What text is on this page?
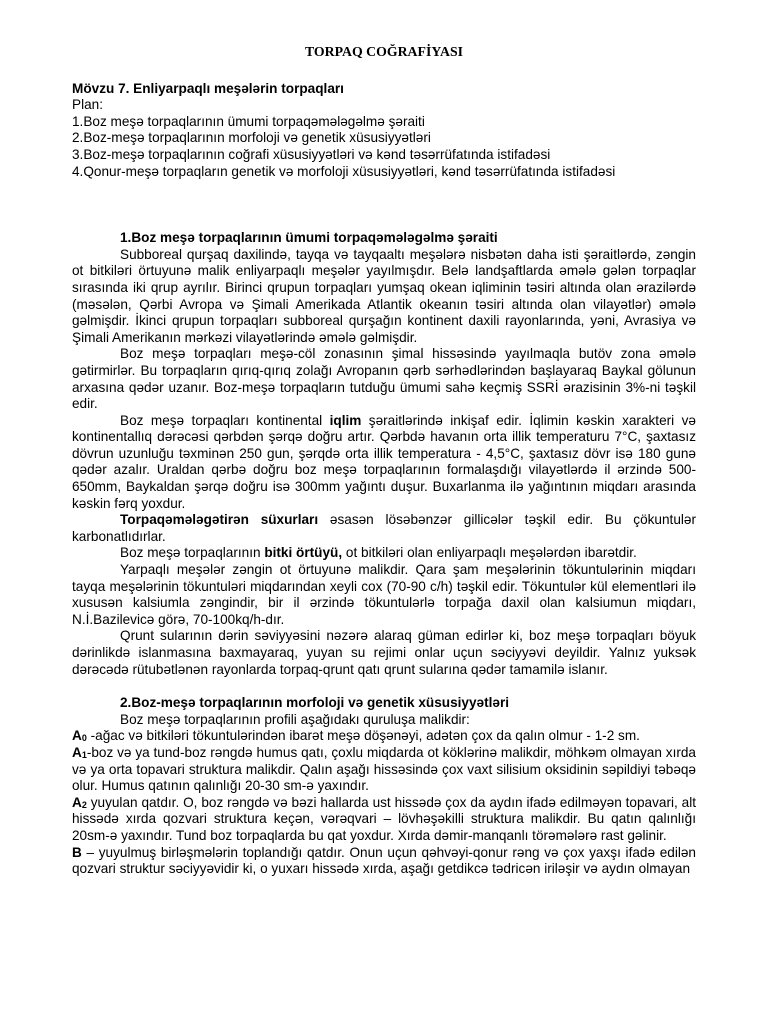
TORPAQ COĞRAFİYASI

Mövzu 7. Enliyarpaqlı meşələrin torpaqları

Plan:

1.Boz meşə torpaqlarının ümumi torpaqəmələgəlmə şəraiti

2.Boz-meşə torpaqlarının morfoloji və genetik xüsusiyyətləri

3.Boz-meşə torpaqlarının coğrafi xüsusiyyətləri və kənd təsərrüfatında istifadəsi

4.Qonur-meşə torpaqların genetik və morfoloji xüsusiyyətləri, kənd təsərrüfatında istifadəsi

1.Boz meşə torpaqlarının ümumi torpaqəmələgəlmə şəraiti

Subboreal qurşaq daxilində, tayqa və tayqaaltı meşələrə nisbətən daha isti şəraitlərdə, zəngin ot bitkiləri örtuyunə malik enliyarpaqlı meşələr yayılmışdır. Belə landşaftlarda əmələ gələn torpaqlar sırasında iki qrup ayrılır. Birinci qrupun torpaqları yumşaq okean iqliminin təsiri altında olan ərazilərdə (məsələn, Qərbi Avropa və Şimali Amerikada Atlantik okeanın təsiri altında olan vilayətlər) əmələ gəlmişdir. İkinci qrupun torpaqları subboreal qurşağın kontinent daxili rayonlarında, yəni, Avrasiya və Şimali Amerikanın mərkəzi vilayətlərində əmələ gəlmişdir.

Boz meşə torpaqları meşə-cöl zonasının şimal hissəsində yayılmaqla butöv zona əmələ gətirmirlər. Bu torpaqların qırıq-qırıq zolağı Avropanın qərb sərhədlərindən başlayaraq Baykal gölunun arxasına qədər uzanır. Boz-meşə torpaqların tutduğu ümumi sahə keçmiş SSRİ ərazisinin 3%-ni təşkil edir.

Boz meşə torpaqları kontinental iqlim şəraitlərində inkişaf edir. İqlimin kəskin xarakteri və kontinentallıq dərəcəsi qərbdən şərqə doğru artır. Qərbdə havanın orta illik temperaturu 7°C, şaxtasız dövrun uzunluğu təxminən 250 gun, şərqdə orta illik temperatura - 4,5°C, şaxtasız dövr isə 180 gunə qədər azalır. Uraldan qərbə doğru boz meşə torpaqlarının formalaşdığı vilayətlərdə il ərzində 500-650mm, Baykaldan şərqə doğru isə 300mm yağıntı duşur. Buxarlanma ilə yağıntının miqdarı arasında kəskin fərq yoxdur.

Torpaqəmələgətirən süxurları əsasən lösəbənzər gillicələr təşkil edir. Bu çökuntulər karbonatlıdırlar.

Boz meşə torpaqlarının bitki örtüyü, ot bitkiləri olan enliyarpaqlı meşələrdən ibarətdir.

Yarpaqlı meşələr zəngin ot örtuyunə malikdir. Qara şam meşələrinin tökuntulərinin miqdarı tayqa meşələrinin tökuntuləri miqdarından xeyli cox (70-90 c/h) təşkil edir. Tökuntulər kül elementləri ilə xususən kalsiumla zəngindir, bir il ərzində tökuntulərlə torpağa daxil olan kalsiumun miqdarı, N.İ.Bazilevicə görə, 70-100kq/h-dır.

Qrunt sularının dərin səviyyəsini nəzərə alaraq güman edirlər ki, boz meşə torpaqları böyuk dərinlikdə islanmasına baxmayaraq, yuyan su rejimi onlar uçun səciyyəvi deyildir. Yalnız yuksək dərəcədə rütubətlənən rayonlarda torpaq-qrunt qatı qrunt sularına qədər tamamilə islanır.

2.Boz-meşə torpaqlarının morfoloji və genetik xüsusiyyətləri

Boz meşə torpaqlarının profili aşağıdakı quruluşa malikdir:

$A_0$ -ağac və bitkiləri tökuntulərindən ibarət meşə döşənəyi, adətən çox da qalın olmur - 1-2 sm.

$A_1$-boz və ya tund-boz rəngdə humus qatı, çoxlu miqdarda ot köklərinə malikdir, möhkəm olmayan xırda və ya orta topavari struktura malikdir. Qalın aşağı hissəsində çox vaxt silisium oksidinin səpildiyi təbəqə olur. Humus qatının qalınlığı 20-30 sm-ə yaxındır.

$A_2$ yuyulan qatdır. O, boz rəngdə və bəzi hallarda ust hissədə çox da aydın ifadə edilməyən topavari, alt hissədə xırda qozvari struktura keçən, vərəqvari – lövhəşəkilli struktura malikdir. Bu qatın qalınlığı 20sm-ə yaxındır. Tund boz torpaqlarda bu qat yoxdur. Xırda dəmir-manqanlı törəmələrə rast gəlinir.

B – yuyulmuş birləşmələrin toplandığı qatdır. Onun uçun qəhvəyi-qonur rəng və çox yaxşı ifadə edilən qozvari struktur səciyyəvidir ki, o yuxarı hissədə xırda, aşağı getdikcə tədricən iriləşir və aydın olmayan
